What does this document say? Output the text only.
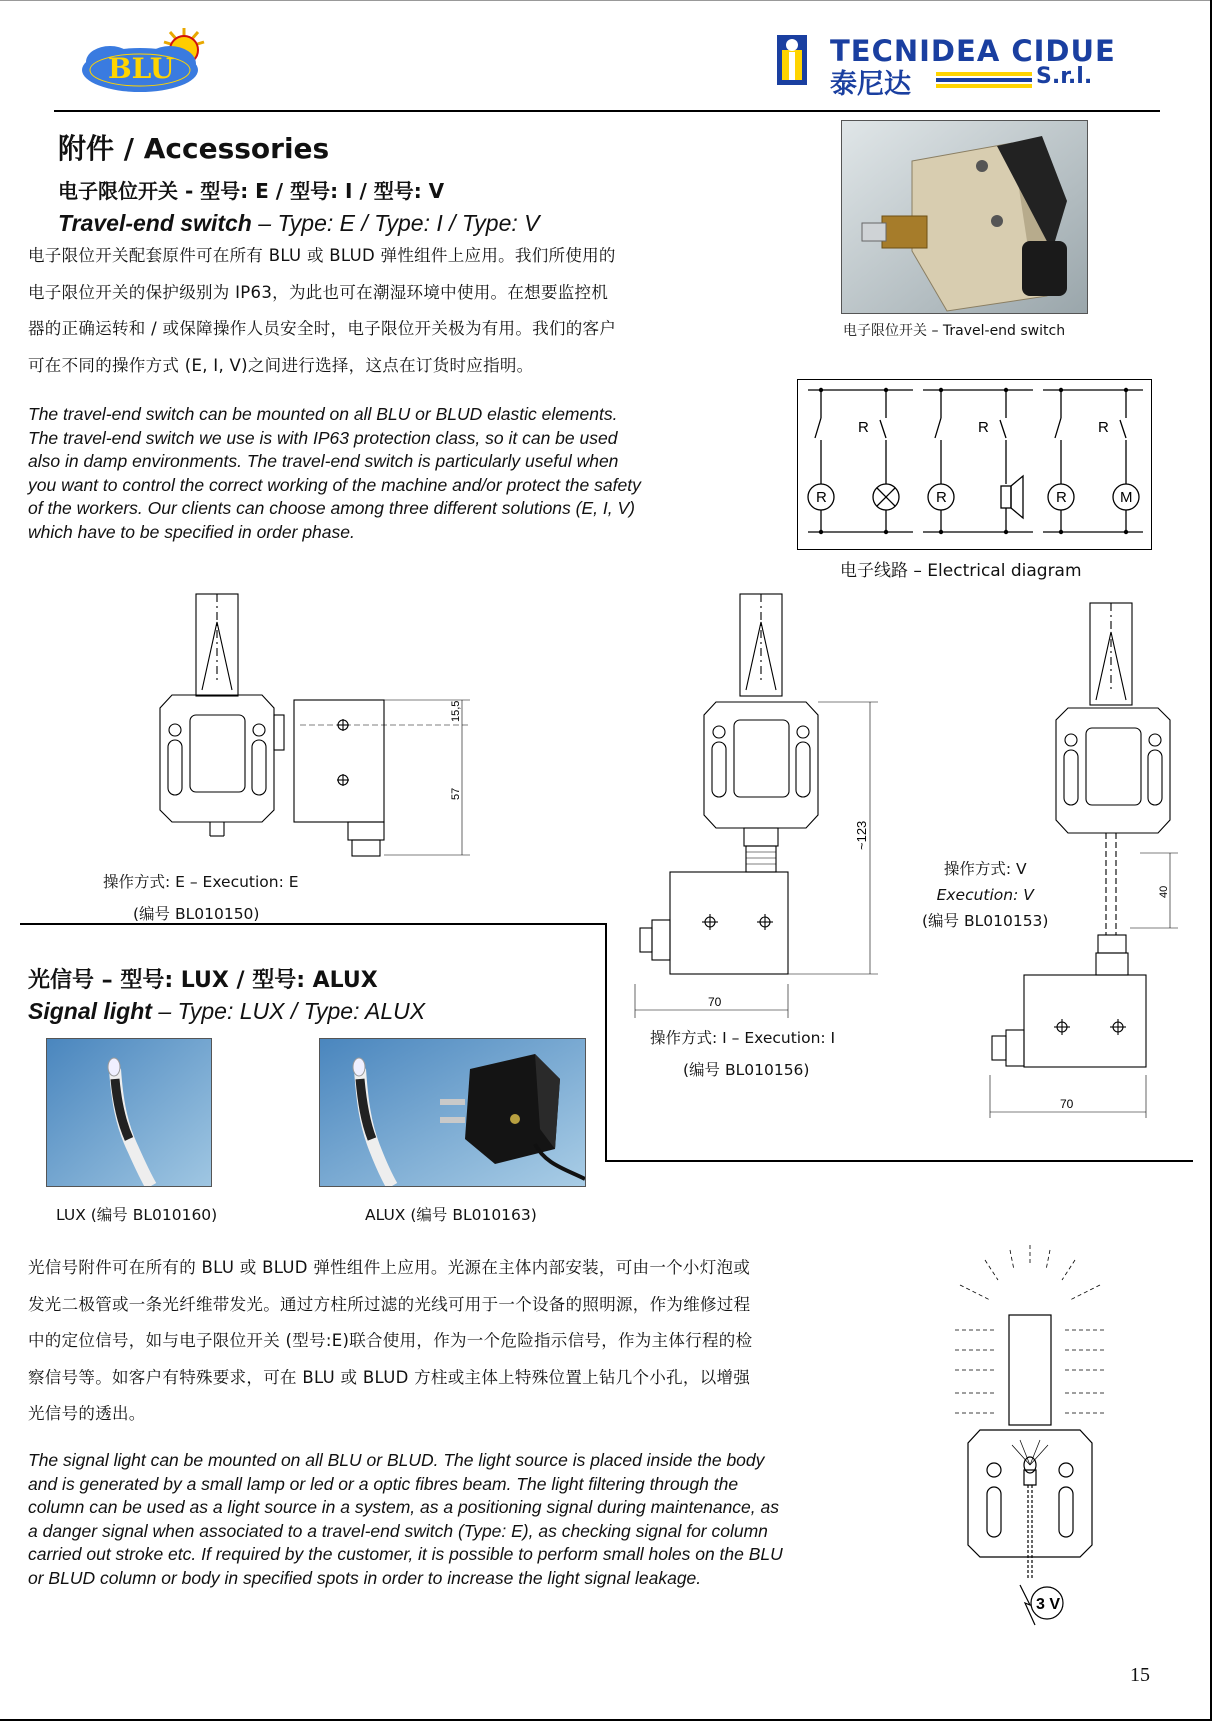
BLU
TECNIDEA CIDUE
泰尼达	S.r.l.
附件 / Accessories
电子限位开关 - 型号: E / 型号: I / 型号: V
Travel-end switch – Type: E / Type: I / Type: V
电子限位开关配套原件可在所有 BLU 或 BLUD 弹性组件上应用。我们所使用的
电子限位开关的保护级别为 IP63，为此也可在潮湿环境中使用。在想要监控机
器的正确运转和 / 或保障操作人员安全时，电子限位开关极为有用。我们的客户
可在不同的操作方式 (E, I, V)之间进行选择，这点在订货时应指明。
The travel-end switch can be mounted on all BLU or BLUD elastic elements.
The travel-end switch we use is with IP63 protection class, so it can be used
also in damp environments. The travel-end switch is particularly useful when
you want to control the correct working of the machine and/or protect the safety
of the workers. Our clients can choose among three different solutions (E, I, V)
which have to be specified in order phase.
电子限位开关 – Travel-end switch
R	R	R
R	R	R	M
电子线路 – Electrical diagram
15,5
57
~123
70
40
70
操作方式: E – Execution: E
(编号 BL010150)
操作方式: I – Execution: I
(编号 BL010156)
操作方式: V
Execution: V
(编号 BL010153)
光信号 – 型号: LUX / 型号: ALUX
Signal light – Type: LUX / Type: ALUX
LUX (编号 BL010160)	ALUX (编号 BL010163)
光信号附件可在所有的 BLU 或 BLUD 弹性组件上应用。光源在主体内部安装，可由一个小灯泡或
发光二极管或一条光纤维带发光。通过方柱所过滤的光线可用于一个设备的照明源，作为维修过程
中的定位信号，如与电子限位开关 (型号:E)联合使用，作为一个危险指示信号，作为主体行程的检
察信号等。如客户有特殊要求，可在 BLU 或 BLUD 方柱或主体上特殊位置上钻几个小孔，以增强
光信号的透出。
The signal light can be mounted on all BLU or BLUD. The light source is placed inside the body
and is generated by a small lamp or led or a optic fibres beam. The light filtering through the
column can be used as a light source in a system, as a positioning signal during maintenance, as
a danger signal when associated to a travel-end switch (Type: E), as checking signal for column
carried out stroke etc. If required by the customer, it is possible to perform small holes on the BLU
or BLUD column or body in specified spots in order to increase the light signal leakage.
3 V
15
